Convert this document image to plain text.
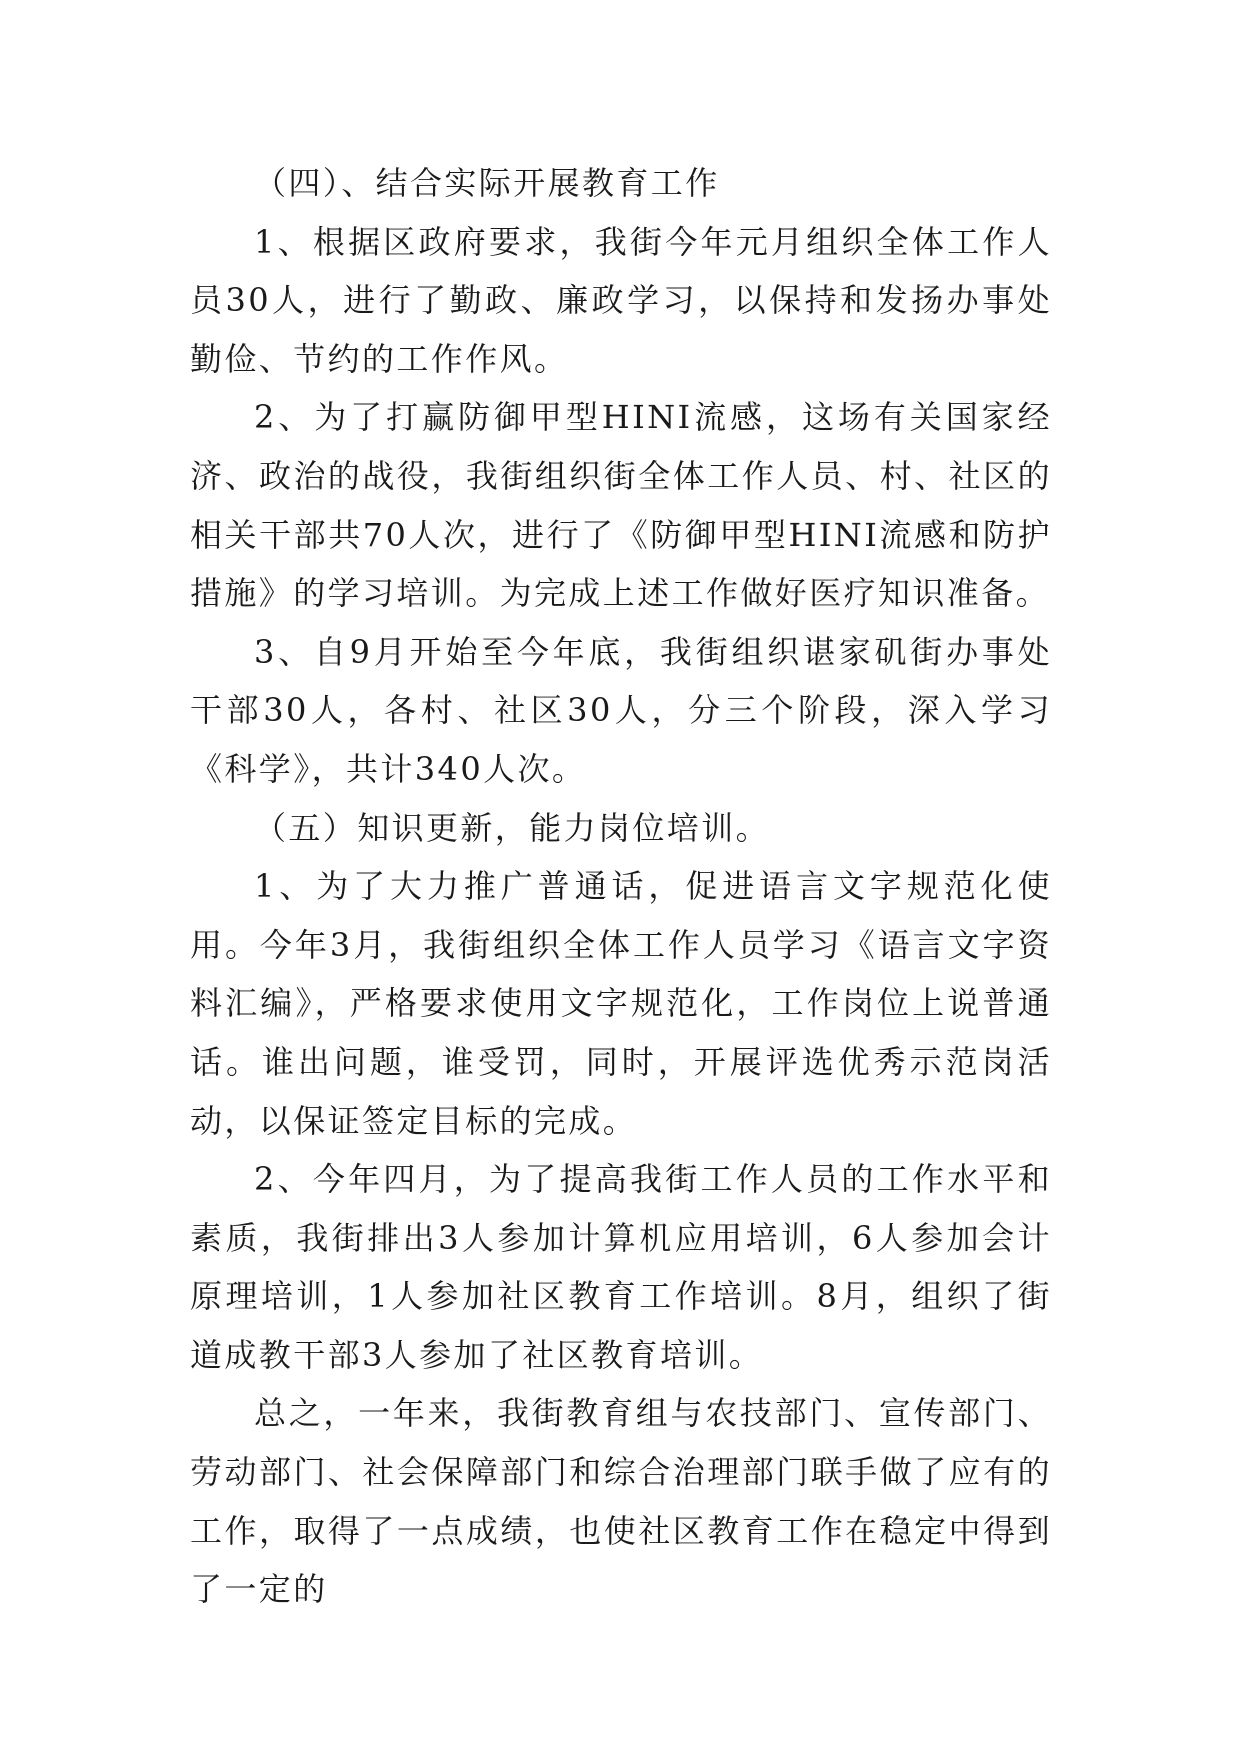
（四）、结合实际开展教育工作

1、根据区政府要求，我街今年元月组织全体工作人员30人，进行了勤政、廉政学习，以保持和发扬办事处勤俭、节约的工作作风。

2、为了打赢防御甲型HINI流感，这场有关国家经济、政治的战役，我街组织街全体工作人员、村、社区的相关干部共70人次，进行了《防御甲型HINI流感和防护措施》的学习培训。为完成上述工作做好医疗知识准备。

3、自9月开始至今年底，我街组织谌家矶街办事处干部30人，各村、社区30人，分三个阶段，深入学习《科学》，共计340人次。

（五）知识更新，能力岗位培训。

1、为了大力推广普通话，促进语言文字规范化使用。今年3月，我街组织全体工作人员学习《语言文字资料汇编》，严格要求使用文字规范化，工作岗位上说普通话。谁出问题，谁受罚，同时，开展评选优秀示范岗活动，以保证签定目标的完成。

2、今年四月，为了提高我街工作人员的工作水平和素质，我街排出3人参加计算机应用培训，6人参加会计原理培训，1人参加社区教育工作培训。8月，组织了街道成教干部3人参加了社区教育培训。

总之，一年来，我街教育组与农技部门、宣传部门、劳动部门、社会保障部门和综合治理部门联手做了应有的工作，取得了一点成绩，也使社区教育工作在稳定中得到了一定的
